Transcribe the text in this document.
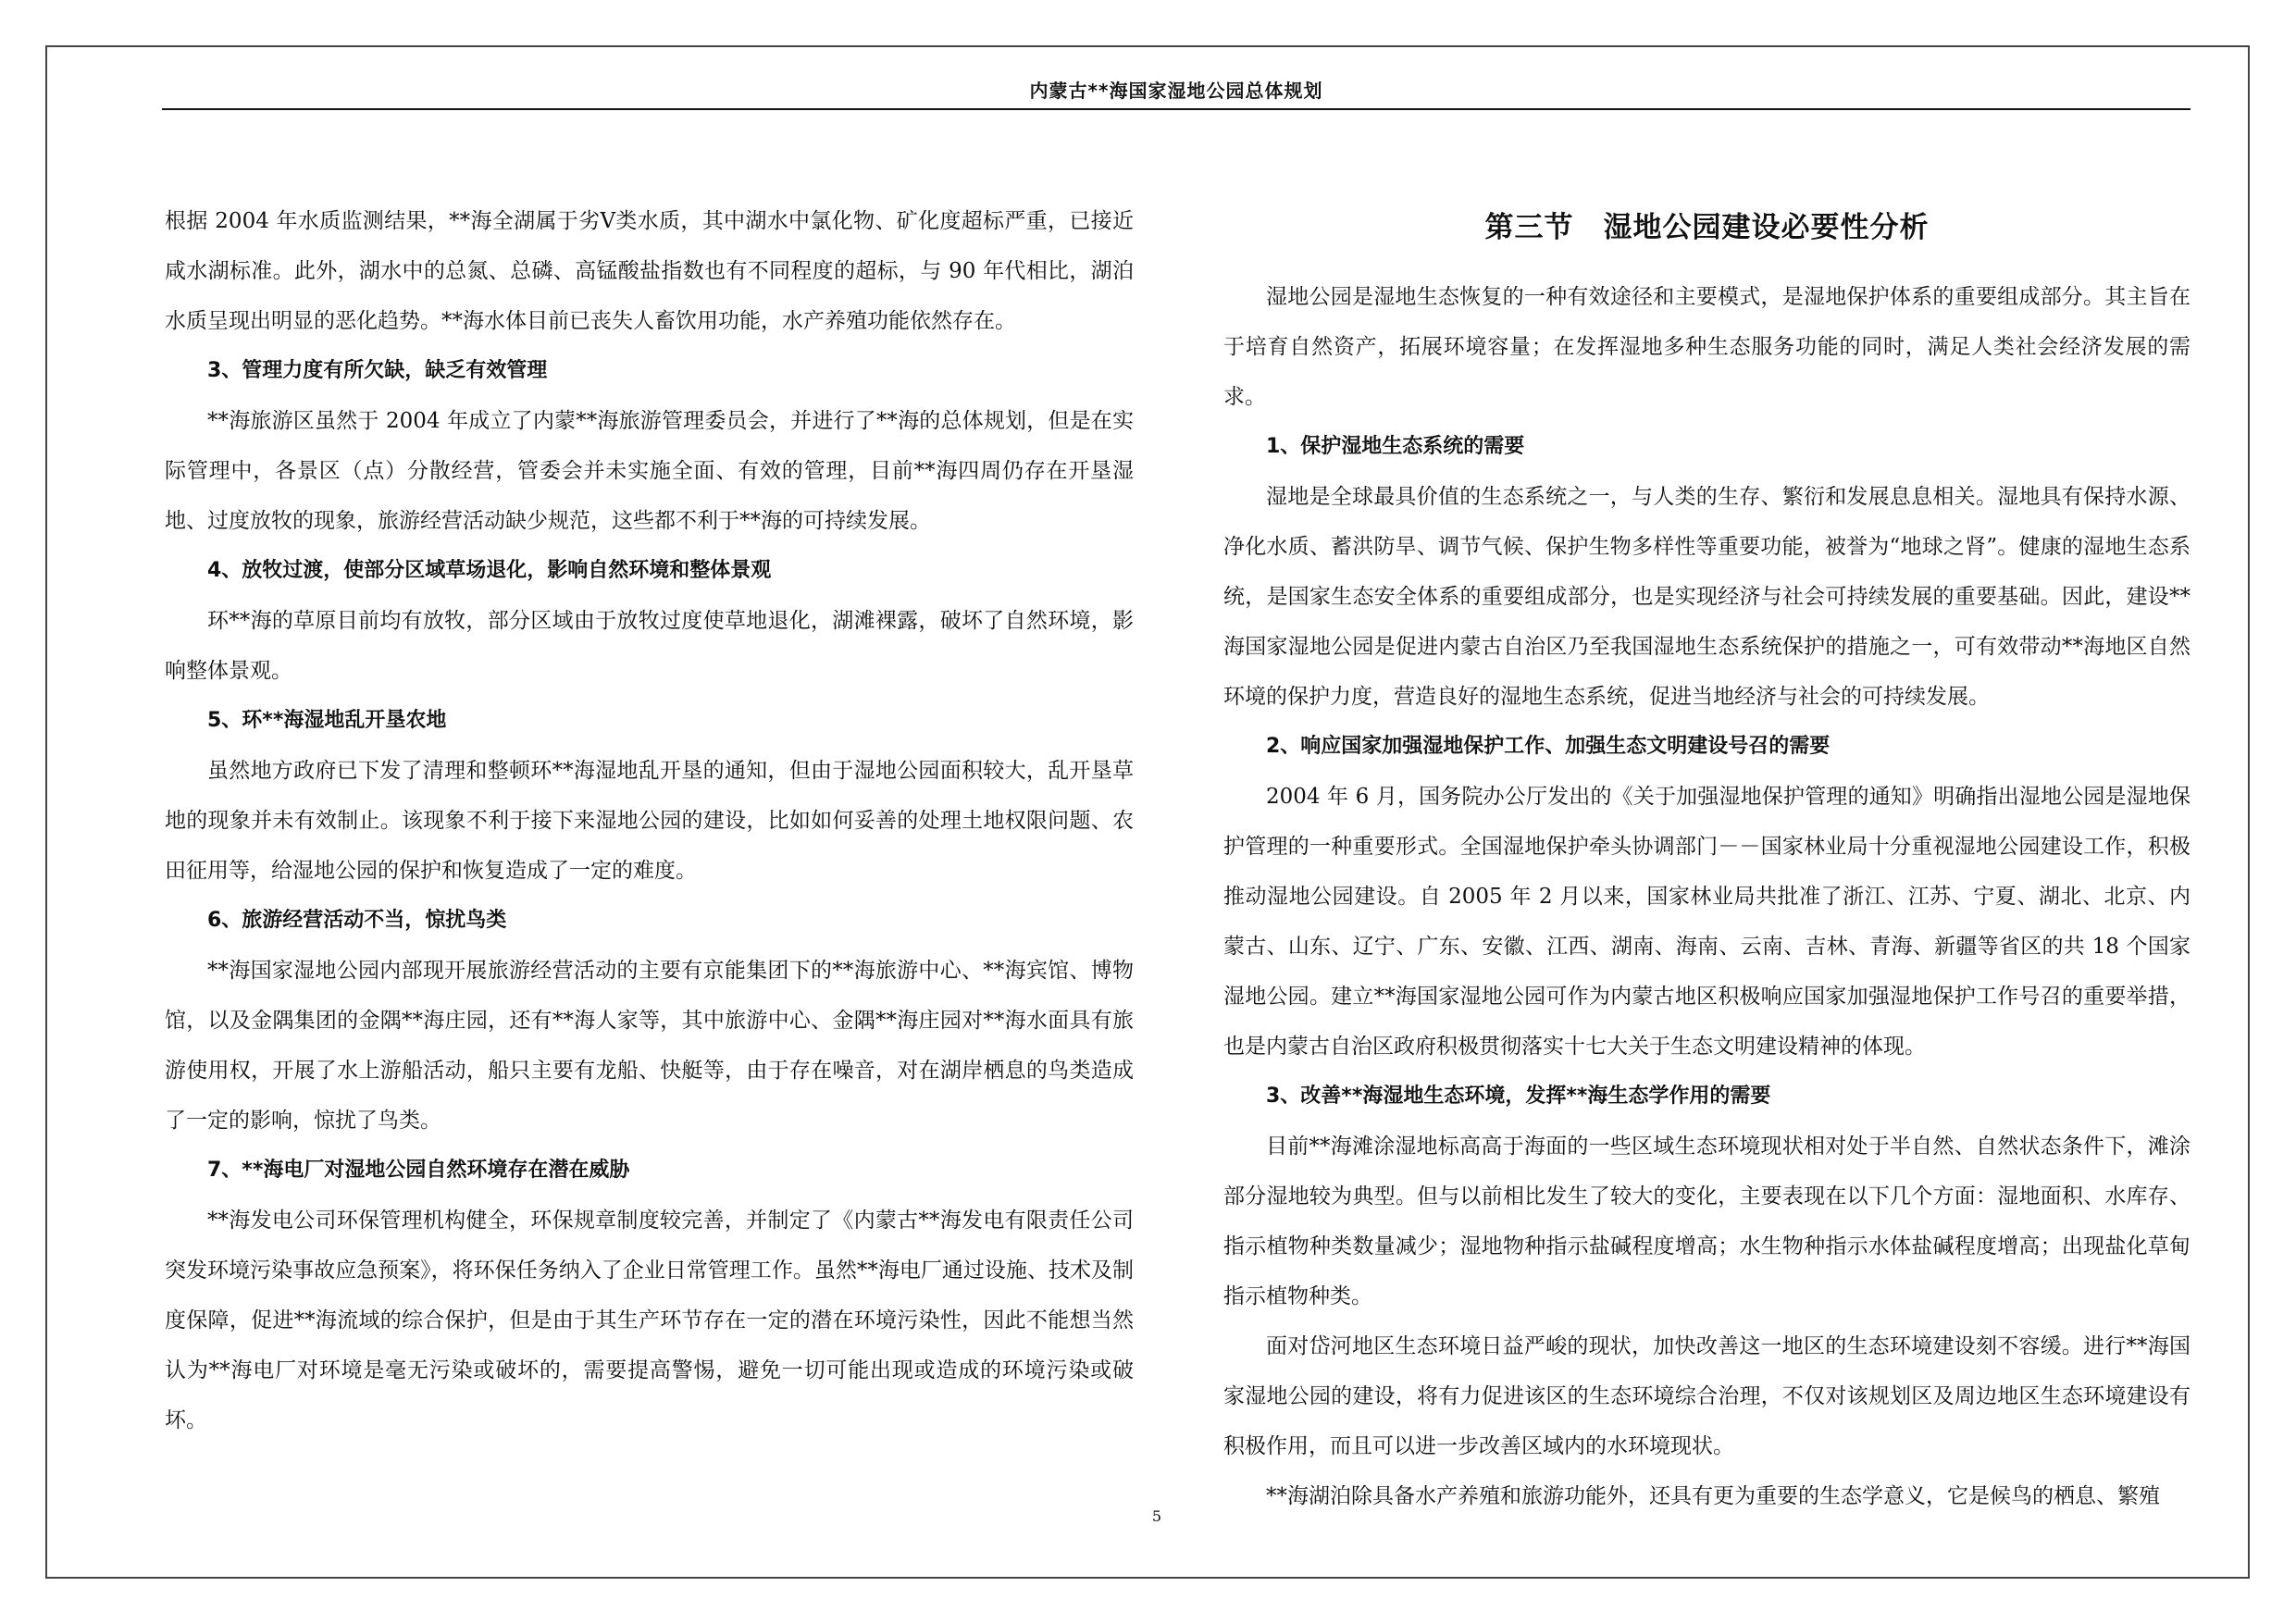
内蒙古**海国家湿地公园总体规划

根据 2004 年水质监测结果，**海全湖属于劣Ⅴ类水质，其中湖水中氯化物、矿化度超标严重，已接近咸水湖标准。此外，湖水中的总氮、总磷、高锰酸盐指数也有不同程度的超标，与 90 年代相比，湖泊水质呈现出明显的恶化趋势。**海水体目前已丧失人畜饮用功能，水产养殖功能依然存在。

3、管理力度有所欠缺，缺乏有效管理

**海旅游区虽然于 2004 年成立了内蒙**海旅游管理委员会，并进行了**海的总体规划，但是在实际管理中，各景区（点）分散经营，管委会并未实施全面、有效的管理，目前**海四周仍存在开垦湿地、过度放牧的现象，旅游经营活动缺少规范，这些都不利于**海的可持续发展。

4、放牧过渡，使部分区域草场退化，影响自然环境和整体景观

环**海的草原目前均有放牧，部分区域由于放牧过度使草地退化，湖滩裸露，破坏了自然环境，影响整体景观。

5、环**海湿地乱开垦农地

虽然地方政府已下发了清理和整顿环**海湿地乱开垦的通知，但由于湿地公园面积较大，乱开垦草地的现象并未有效制止。该现象不利于接下来湿地公园的建设，比如如何妥善的处理土地权限问题、农田征用等，给湿地公园的保护和恢复造成了一定的难度。

6、旅游经营活动不当，惊扰鸟类

**海国家湿地公园内部现开展旅游经营活动的主要有京能集团下的**海旅游中心、**海宾馆、博物馆，以及金隅集团的金隅**海庄园，还有**海人家等，其中旅游中心、金隅**海庄园对**海水面具有旅游使用权，开展了水上游船活动，船只主要有龙船、快艇等，由于存在噪音，对在湖岸栖息的鸟类造成了一定的影响，惊扰了鸟类。

7、**海电厂对湿地公园自然环境存在潜在威胁

**海发电公司环保管理机构健全，环保规章制度较完善，并制定了《内蒙古**海发电有限责任公司突发环境污染事故应急预案》，将环保任务纳入了企业日常管理工作。虽然**海电厂通过设施、技术及制度保障，促进**海流域的综合保护，但是由于其生产环节存在一定的潜在环境污染性，因此不能想当然认为**海电厂对环境是毫无污染或破坏的，需要提高警惕，避免一切可能出现或造成的环境污染或破坏。

第三节　湿地公园建设必要性分析

湿地公园是湿地生态恢复的一种有效途径和主要模式，是湿地保护体系的重要组成部分。其主旨在于培育自然资产，拓展环境容量；在发挥湿地多种生态服务功能的同时，满足人类社会经济发展的需求。

1、保护湿地生态系统的需要

湿地是全球最具价值的生态系统之一，与人类的生存、繁衍和发展息息相关。湿地具有保持水源、净化水质、蓄洪防旱、调节气候、保护生物多样性等重要功能，被誉为“地球之肾”。健康的湿地生态系统，是国家生态安全体系的重要组成部分，也是实现经济与社会可持续发展的重要基础。因此，建设**海国家湿地公园是促进内蒙古自治区乃至我国湿地生态系统保护的措施之一，可有效带动**海地区自然环境的保护力度，营造良好的湿地生态系统，促进当地经济与社会的可持续发展。

2、响应国家加强湿地保护工作、加强生态文明建设号召的需要

2004 年 6 月，国务院办公厅发出的《关于加强湿地保护管理的通知》明确指出湿地公园是湿地保护管理的一种重要形式。全国湿地保护牵头协调部门－－国家林业局十分重视湿地公园建设工作，积极推动湿地公园建设。自 2005 年 2 月以来，国家林业局共批准了浙江、江苏、宁夏、湖北、北京、内蒙古、山东、辽宁、广东、安徽、江西、湖南、海南、云南、吉林、青海、新疆等省区的共 18 个国家湿地公园。建立**海国家湿地公园可作为内蒙古地区积极响应国家加强湿地保护工作号召的重要举措，也是内蒙古自治区政府积极贯彻落实十七大关于生态文明建设精神的体现。

3、改善**海湿地生态环境，发挥**海生态学作用的需要

目前**海滩涂湿地标高高于海面的一些区域生态环境现状相对处于半自然、自然状态条件下，滩涂部分湿地较为典型。但与以前相比发生了较大的变化，主要表现在以下几个方面：湿地面积、水库存、指示植物种类数量减少；湿地物种指示盐碱程度增高；水生物种指示水体盐碱程度增高；出现盐化草甸指示植物种类。

面对岱河地区生态环境日益严峻的现状，加快改善这一地区的生态环境建设刻不容缓。进行**海国家湿地公园的建设，将有力促进该区的生态环境综合治理，不仅对该规划区及周边地区生态环境建设有积极作用，而且可以进一步改善区域内的水环境现状。

**海湖泊除具备水产养殖和旅游功能外，还具有更为重要的生态学意义，它是候鸟的栖息、繁殖

5
